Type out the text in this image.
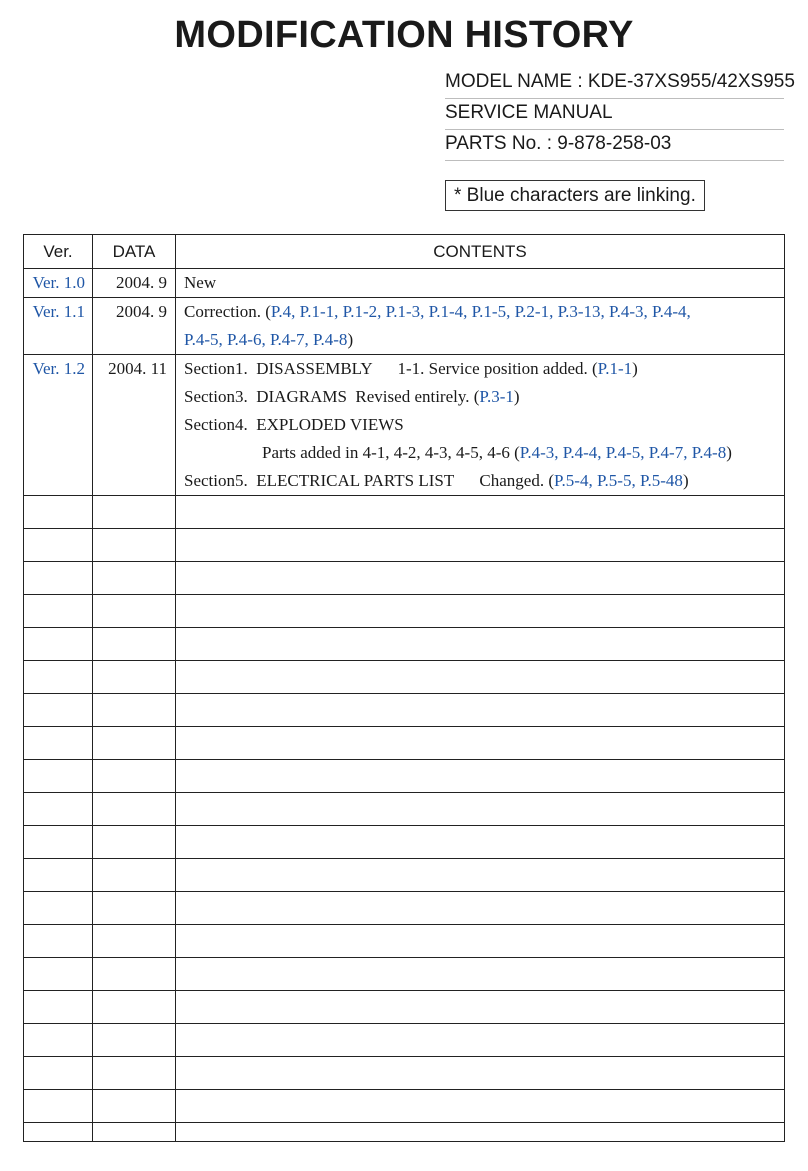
MODIFICATION HISTORY
MODEL NAME : KDE-37XS955/42XS955
SERVICE MANUAL
PARTS No. : 9-878-258-03
* Blue characters are linking.
Ver.	DATA	CONTENTS
Ver. 1.0	2004. 9	New

Ver. 1.1	2004. 9	Correction. (P.4, P.1-1, P.1-2, P.1-3, P.1-4, P.1-5, P.2-1, P.3-13, P.4-3, P.4-4,
P.4-5, P.4-6, P.4-7, P.4-8)

Ver. 1.2	2004. 11	Section1.  DISASSEMBLY      1-1. Service position added. (P.1-1)
Section3.  DIAGRAMS  Revised entirely. (P.3-1)
Section4.  EXPLODED VIEWS
Parts added in 4-1, 4-2, 4-3, 4-5, 4-6 (P.4-3, P.4-4, P.4-5, P.4-7, P.4-8)
Section5.  ELECTRICAL PARTS LIST      Changed. (P.5-4, P.5-5, P.5-48)
